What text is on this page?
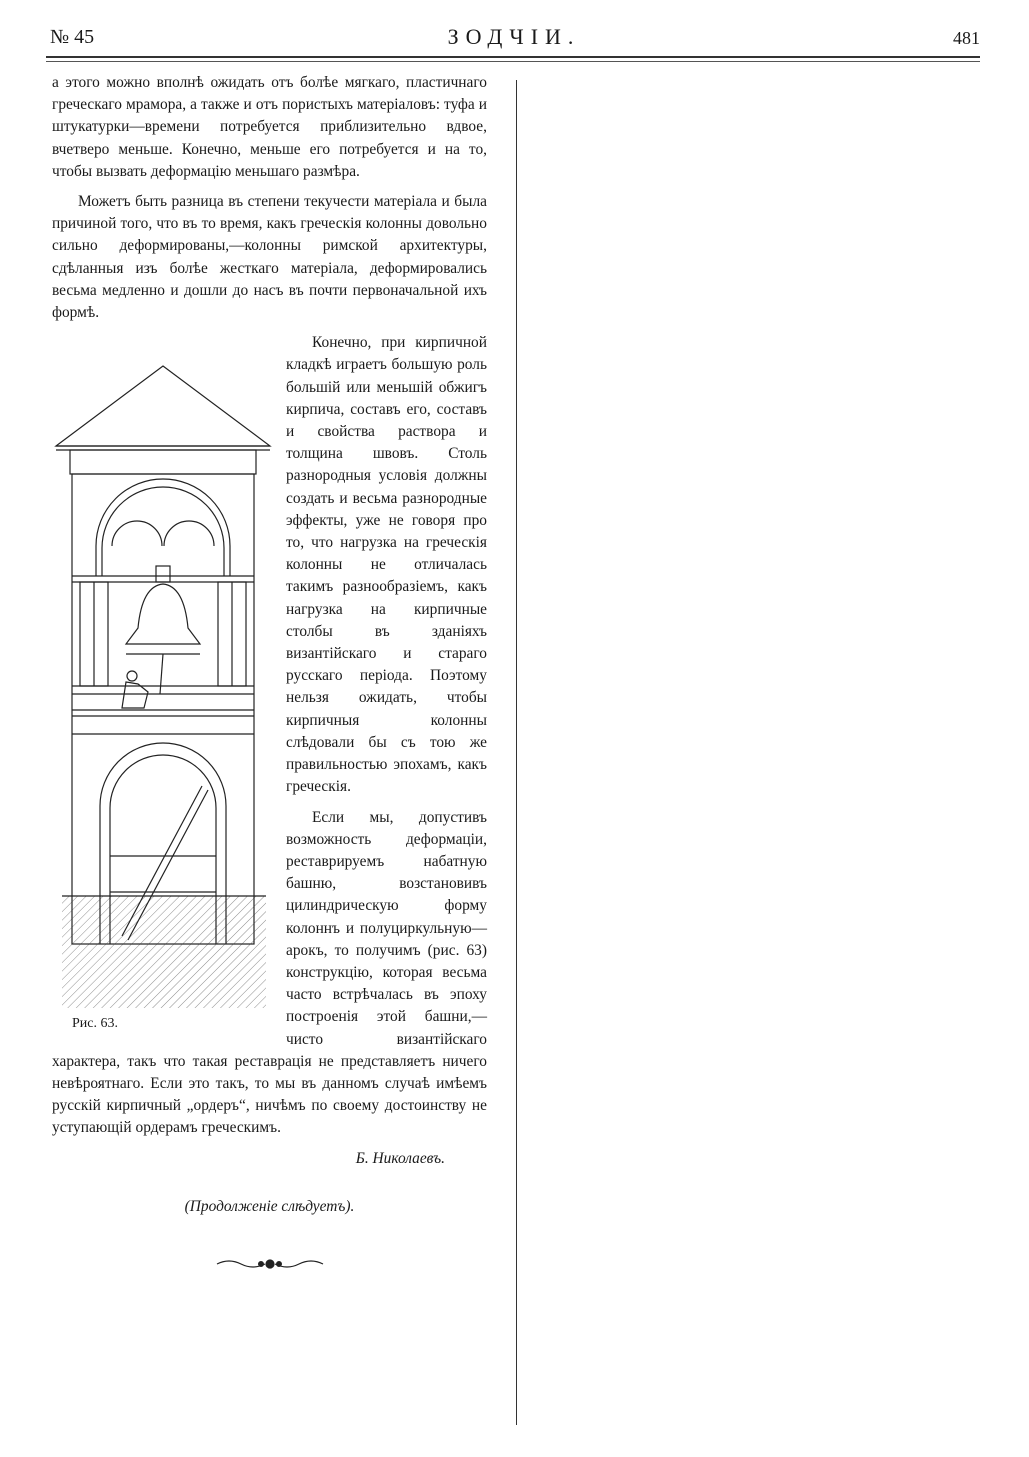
№ 45	ЗОДЧІИ.	481

а этого можно вполнѣ ожидать отъ болѣе мягкаго, пластичнаго греческаго мрамора, а также и отъ пористыхъ матеріаловъ: туфа и штукатурки—времени потребуется приблизительно вдвое, вчетверо меньше. Конечно, меньше его потребуется и на то, чтобы вызвать деформацію меньшаго размѣра.

Можетъ быть разница въ степени текучести матеріала и была причиной того, что въ то время, какъ греческія колонны довольно сильно деформированы,—колонны римской архитектуры, сдѣланныя изъ болѣе жесткаго матеріала, деформировались весьма медленно и дошли до насъ въ почти первоначальной ихъ формѣ.

Рис. 63.

Конечно, при кирпичной кладкѣ играетъ большую роль большій или меньшій обжигъ кирпича, составъ его, составъ и свойства раствора и толщина швовъ. Столь разнородныя условія должны создать и весьма разнородные эффекты, уже не говоря про то, что нагрузка на греческія колонны не отличалась такимъ разнообразіемъ, какъ нагрузка на кирпичные столбы въ зданіяхъ византійскаго и стараго русскаго періода. Поэтому нельзя ожидать, чтобы кирпичныя колонны слѣдовали бы съ тою же правильностью эпохамъ, какъ греческія.

Если мы, допустивъ возможность деформаціи, реставрируемъ набатную башню, возстановивъ цилиндрическую форму колоннъ и полуциркульную—арокъ, то получимъ (рис. 63) конструкцію, которая весьма часто встрѣчалась въ эпоху построенія этой башни,—чисто византійскаго характера, такъ что такая реставрація не представляетъ ничего невѣроятнаго. Если это такъ, то мы въ данномъ случаѣ имѣемъ русскій кирпичный „ордеръ“, ничѣмъ по своему достоинству не уступающій ордерамъ греческимъ.

Б. Николаевъ.
(Продолженіе слѣдуетъ).
